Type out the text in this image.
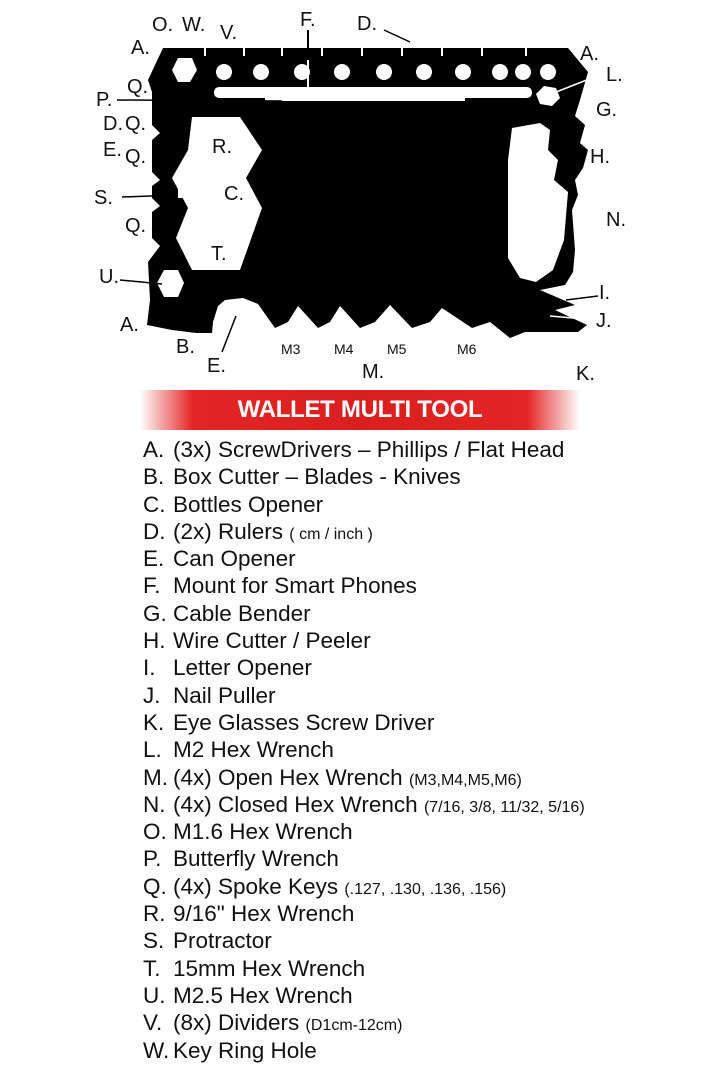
O. W. V.
F. D.
A.	A.
L.
Q.
P.	G.
D. Q.
E. Q.	R.	H.
C.
S.
N.
Q.
T.
U.
I.
J.
A.
B.
E.	M.	K.
M3 M4 M5	M6
WALLET MULTI TOOL
A. (3x) ScrewDrivers – Phillips / Flat Head
B. Box Cutter – Blades - Knives
C. Bottles Opener
D. (2x) Rulers ( cm / inch )
E. Can Opener
F. Mount for Smart Phones
G. Cable Bender
H. Wire Cutter / Peeler
I. Letter Opener
J. Nail Puller
K. Eye Glasses Screw Driver
L. M2 Hex Wrench
M. (4x) Open Hex Wrench (M3,M4,M5,M6)
N. (4x) Closed Hex Wrench (7/16, 3/8, 11/32, 5/16)
O. M1.6 Hex Wrench
P. Butterfly Wrench
Q. (4x) Spoke Keys (.127, .130, .136, .156)
R. 9/16" Hex Wrench
S. Protractor
T. 15mm Hex Wrench
U. M2.5 Hex Wrench
V. (8x) Dividers (D1cm-12cm)
W. Key Ring Hole
